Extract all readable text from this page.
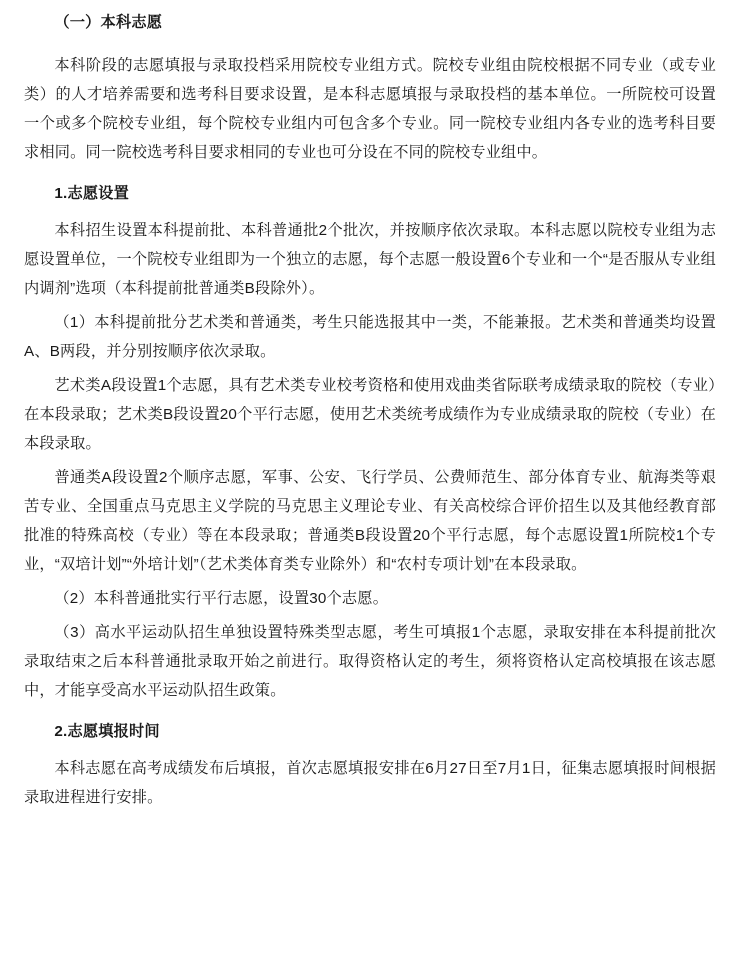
（一）本科志愿

本科阶段的志愿填报与录取投档采用院校专业组方式。院校专业组由院校根据不同专业（或专业类）的人才培养需要和选考科目要求设置，是本科志愿填报与录取投档的基本单位。一所院校可设置一个或多个院校专业组，每个院校专业组内可包含多个专业。同一院校专业组内各专业的选考科目要求相同。同一院校选考科目要求相同的专业也可分设在不同的院校专业组中。

1.志愿设置

本科招生设置本科提前批、本科普通批2个批次，并按顺序依次录取。本科志愿以院校专业组为志愿设置单位，一个院校专业组即为一个独立的志愿，每个志愿一般设置6个专业和一个“是否服从专业组内调剂”选项（本科提前批普通类B段除外）。

（1）本科提前批分艺术类和普通类，考生只能选报其中一类，不能兼报。艺术类和普通类均设置A、B两段，并分别按顺序依次录取。

艺术类A段设置1个志愿，具有艺术类专业校考资格和使用戏曲类省际联考成绩录取的院校（专业）在本段录取；艺术类B段设置20个平行志愿，使用艺术类统考成绩作为专业成绩录取的院校（专业）在本段录取。

普通类A段设置2个顺序志愿，军事、公安、飞行学员、公费师范生、部分体育专业、航海类等艰苦专业、全国重点马克思主义学院的马克思主义理论专业、有关高校综合评价招生以及其他经教育部批准的特殊高校（专业）等在本段录取；普通类B段设置20个平行志愿，每个志愿设置1所院校1个专业，“双培计划”“外培计划”（艺术类体育类专业除外）和“农村专项计划”在本段录取。

（2）本科普通批实行平行志愿，设置30个志愿。

（3）高水平运动队招生单独设置特殊类型志愿，考生可填报1个志愿，录取安排在本科提前批次录取结束之后本科普通批录取开始之前进行。取得资格认定的考生，须将资格认定高校填报在该志愿中，才能享受高水平运动队招生政策。

2.志愿填报时间

本科志愿在高考成绩发布后填报，首次志愿填报安排在6月27日至7月1日，征集志愿填报时间根据录取进程进行安排。
